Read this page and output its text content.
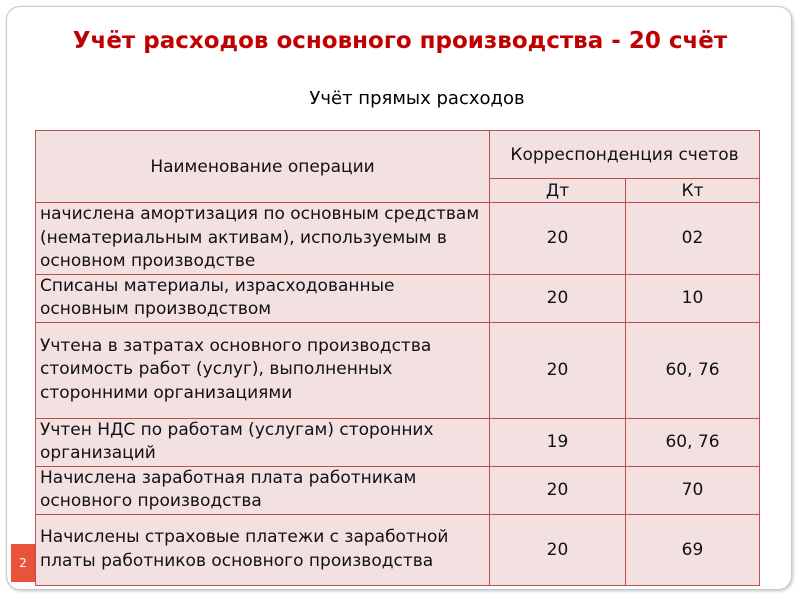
Учёт расходов основного производства - 20 счёт

Учёт прямых расходов

Наименование операции	Корреспонденция счетов	
	Дт	Кт
начислена амортизация по основным средствам (нематериальным активам), используемым в основном производстве	20	02
Списаны материалы, израсходованные основным производством	20	10
Учтена в затратах основного производства стоимость работ (услуг), выполненных сторонними организациями	20	60, 76
Учтен НДС по работам (услугам) сторонних организаций	19	60, 76
Начислена заработная плата работникам основного производства	20	70
Начислены страховые платежи с заработной платы работников основного производства	20	69
2
